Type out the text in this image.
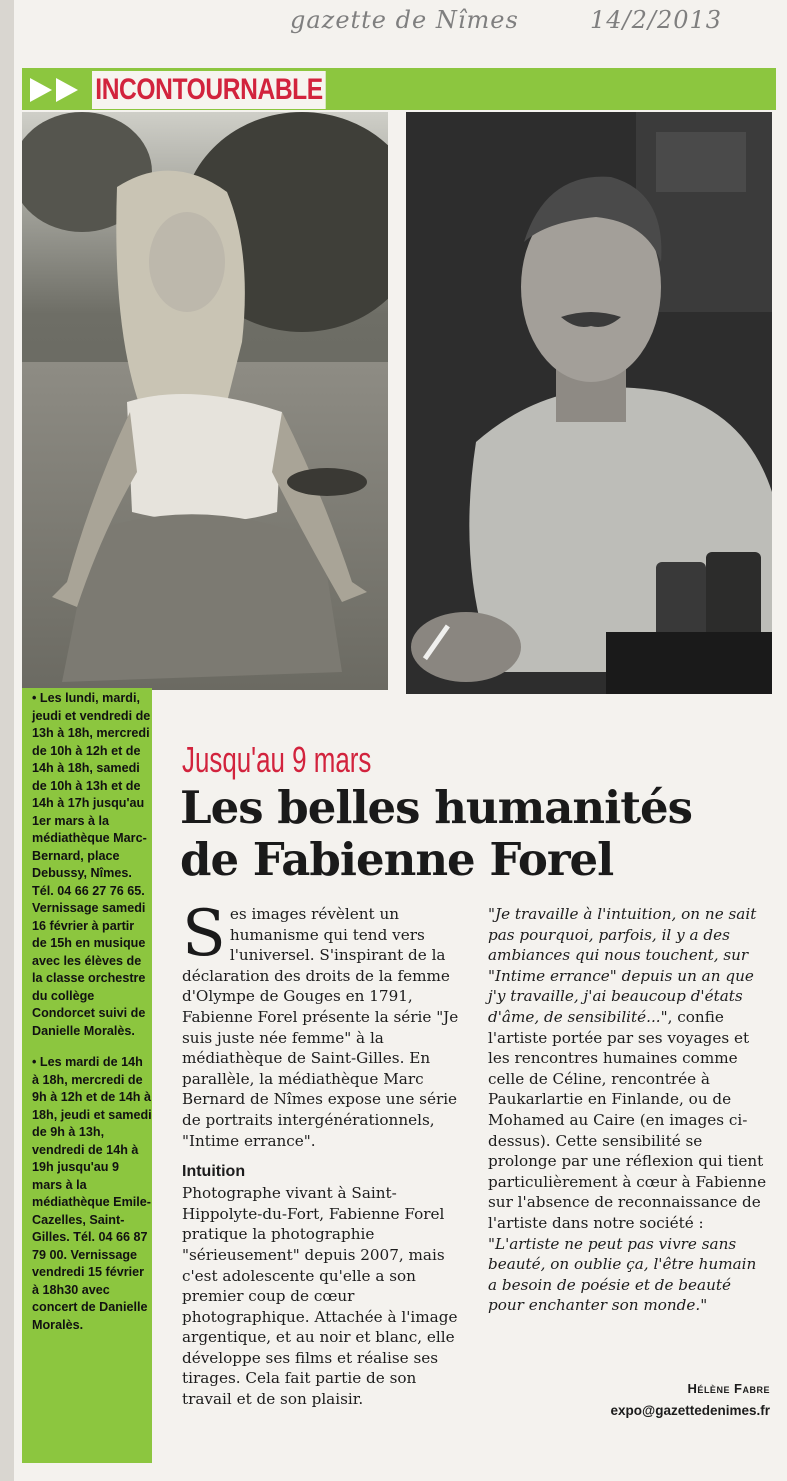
gazette de Nîmes	14/2/2013
INCONTOURNABLE

• Les lundi, mardi, jeudi et vendredi de 13h à 18h, mercredi de 10h à 12h et de 14h à 18h, samedi de 10h à 13h et de 14h à 17h jusqu'au 1er mars à la médiathèque Marc-Bernard, place Debussy, Nîmes. Tél. 04 66 27 76 65. Vernissage samedi 16 février à partir de 15h en musique avec les élèves de la classe orchestre du collège Condorcet suivi de Danielle Moralès.

• Les mardi de 14h à 18h, mercredi de 9h à 12h et de 14h à 18h, jeudi et samedi de 9h à 13h, vendredi de 14h à 19h jusqu'au 9 mars à la médiathèque Emile-Cazelles, Saint-Gilles. Tél. 04 66 87 79 00. Vernissage vendredi 15 février à 18h30 avec concert de Danielle Moralès.

Jusqu'au 9 mars
Les belles humanités
de Fabienne Forel

Ses images révèlent un humanisme qui tend vers l'universel. S'inspirant de la déclaration des droits de la femme d'Olympe de Gouges en 1791, Fabienne Forel présente la série "Je suis juste née femme" à la médiathèque de Saint-Gilles. En parallèle, la médiathèque Marc Bernard de Nîmes expose une série de portraits intergénérationnels, "Intime errance".

Intuition

Photographe vivant à Saint-Hippolyte-du-Fort, Fabienne Forel pratique la photographie "sérieusement" depuis 2007, mais c'est adolescente qu'elle a son premier coup de cœur photographique. Attachée à l'image argentique, et au noir et blanc, elle développe ses films et réalise ses tirages. Cela fait partie de son travail et de son plaisir.

"Je travaille à l'intuition, on ne sait pas pourquoi, parfois, il y a des ambiances qui nous touchent, sur "Intime errance" depuis un an que j'y travaille, j'ai beaucoup d'états d'âme, de sensibilité...", confie l'artiste portée par ses voyages et les rencontres humaines comme celle de Céline, rencontrée à Paukarlartie en Finlande, ou de Mohamed au Caire (en images ci-dessus). Cette sensibilité se prolonge par une réflexion qui tient particulièrement à cœur à Fabienne sur l'absence de reconnaissance de l'artiste dans notre société :

"L'artiste ne peut pas vivre sans beauté, on oublie ça, l'être humain a besoin de poésie et de beauté pour enchanter son monde."

Hélène Fabre
expo@gazettedenimes.fr
